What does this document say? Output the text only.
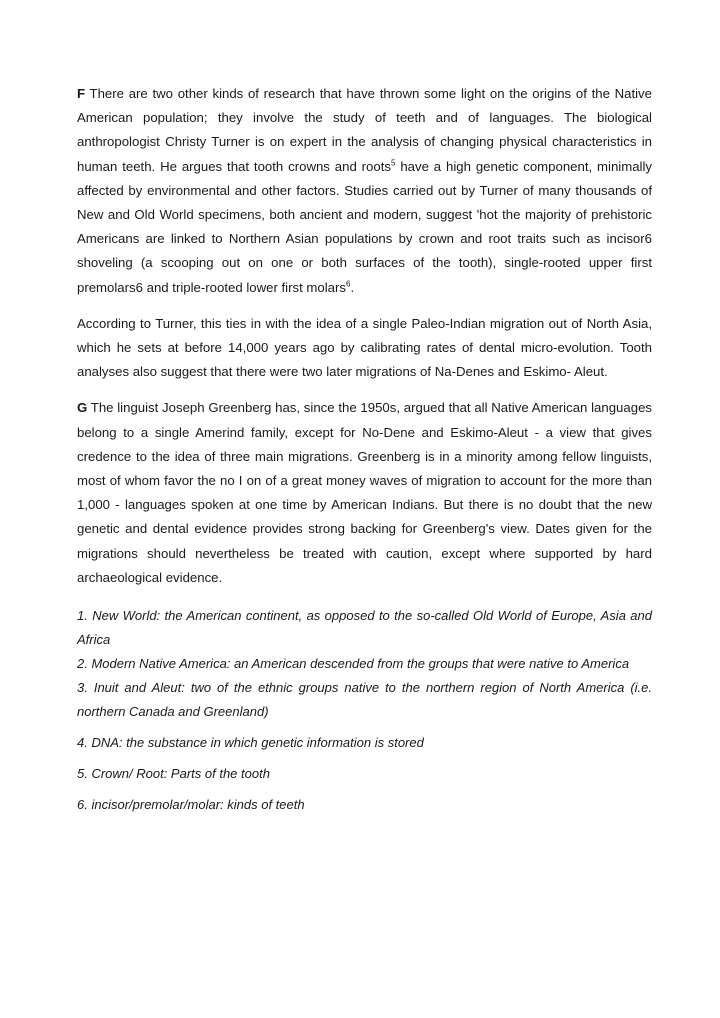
F There are two other kinds of research that have thrown some light on the origins of the Native American population; they involve the study of teeth and of languages. The biological anthropologist Christy Turner is on expert in the analysis of changing physical characteristics in human teeth. He argues that tooth crowns and roots$^5$ have a high genetic component, minimally affected by environmental and other factors. Studies carried out by Turner of many thousands of New and Old World specimens, both ancient and modern, suggest 'hot the majority of prehistoric Americans are linked to Northern Asian populations by crown and root traits such as incisor6 shoveling (a scooping out on one or both surfaces of the tooth), single-rooted upper first premolars6 and triple-rooted lower first molars$^6$.

According to Turner, this ties in with the idea of a single Paleo-Indian migration out of North Asia, which he sets at before 14,000 years ago by calibrating rates of dental micro-evolution. Tooth analyses also suggest that there were two later migrations of Na-Denes and Eskimo- Aleut.

G The linguist Joseph Greenberg has, since the 1950s, argued that all Native American languages belong to a single Amerind family, except for No-Dene and Eskimo-Aleut - a view that gives credence to the idea of three main migrations. Greenberg is in a minority among fellow linguists, most of whom favor the no I on of a great money waves of migration to account for the more than 1,000 - languages spoken at one time by American Indians. But there is no doubt that the new genetic and dental evidence provides strong backing for Greenberg's view. Dates given for the migrations should nevertheless be treated with caution, except where supported by hard archaeological evidence.

1. New World: the American continent, as opposed to the so-called Old World of Europe, Asia and Africa

2. Modern Native America: an American descended from the groups that were native to America

3. Inuit and Aleut: two of the ethnic groups native to the northern region of North America (i.e. northern Canada and Greenland)

4. DNA: the substance in which genetic information is stored

5. Crown/ Root: Parts of the tooth

6. incisor/premolar/molar: kinds of teeth
